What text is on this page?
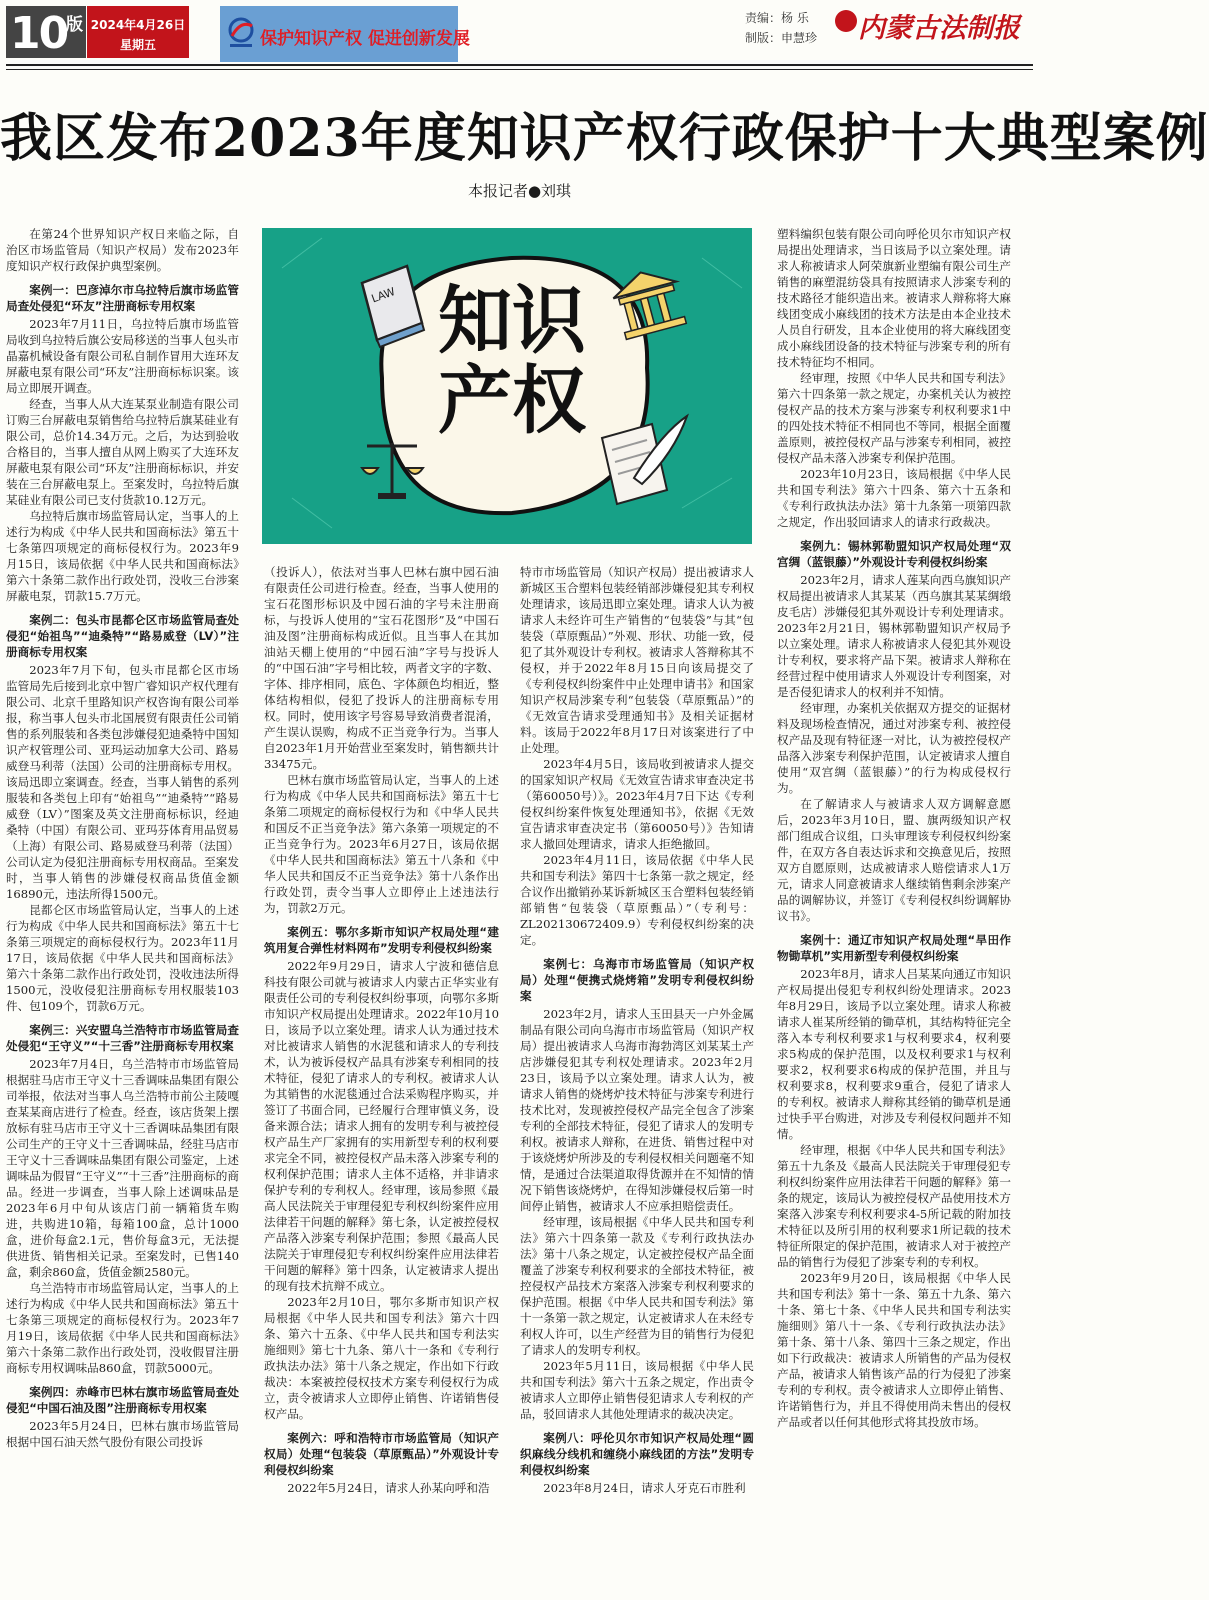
10
版 2024年4月26日
星期五	保护知识产权 促进创新发展
责编：杨 乐
制版：申慧珍 内蒙古法制报
我区发布2023年度知识产权行政保护十大典型案例
本报记者●刘琪
LAW 知识
产权

在第24个世界知识产权日来临之际，自治区市场监管局（知识产权局）发布2023年度知识产权行政保护典型案例。

案例一：巴彦淖尔市乌拉特后旗市场监管局查处侵犯“环友”注册商标专用权案

2023年7月11日，乌拉特后旗市场监管局收到乌拉特后旗公安局移送的当事人包头市晶嘉机械设备有限公司私自制作冒用大连环友屏蔽电泵有限公司“环友”注册商标标识案。该局立即展开调查。

经查，当事人从大连某泵业制造有限公司订购三台屏蔽电泵销售给乌拉特后旗某硅业有限公司，总价14.34万元。之后，为达到验收合格目的，当事人擅自从网上购买了大连环友屏蔽电泵有限公司“环友”注册商标标识，并安装在三台屏蔽电泵上。至案发时，乌拉特后旗某硅业有限公司已支付货款10.12万元。

乌拉特后旗市场监管局认定，当事人的上述行为构成《中华人民共和国商标法》第五十七条第四项规定的商标侵权行为。2023年9月15日，该局依据《中华人民共和国商标法》第六十条第二款作出行政处罚，没收三台涉案屏蔽电泵，罚款15.7万元。

案例二：包头市昆都仑区市场监管局查处侵犯“始祖鸟”“迪桑特”“路易威登（LV）”注册商标专用权案

2023年7月下旬，包头市昆都仑区市场监管局先后接到北京中智广睿知识产权代理有限公司、北京千里路知识产权咨询有限公司举报，称当事人包头市北国展贸有限责任公司销售的系列服装和各类包涉嫌侵犯迪桑特中国知识产权管理公司、亚玛运动加拿大公司、路易威登马利蒂（法国）公司的注册商标专用权。该局迅即立案调查。经查，当事人销售的系列服装和各类包上印有“始祖鸟”“迪桑特”“路易威登（LV）”图案及英文注册商标标识，经迪桑特（中国）有限公司、亚玛芬体育用品贸易（上海）有限公司、路易威登马利蒂（法国）公司认定为侵犯注册商标专用权商品。至案发时，当事人销售的涉嫌侵权商品货值金额16890元，违法所得1500元。

昆都仑区市场监管局认定，当事人的上述行为构成《中华人民共和国商标法》第五十七条第三项规定的商标侵权行为。2023年11月17日，该局依据《中华人民共和国商标法》第六十条第二款作出行政处罚，没收违法所得1500元，没收侵犯注册商标专用权服装103件、包109个，罚款6万元。

案例三：兴安盟乌兰浩特市市场监管局查处侵犯“王守义”“十三香”注册商标专用权案

2023年7月4日，乌兰浩特市市场监管局根据驻马店市王守义十三香调味品集团有限公司举报，依法对当事人乌兰浩特市前公主陵嘎查某某商店进行了检查。经查，该店货架上摆放标有驻马店市王守义十三香调味品集团有限公司生产的王守义十三香调味品，经驻马店市王守义十三香调味品集团有限公司鉴定，上述调味品为假冒“王守义”“十三香”注册商标的商品。经进一步调查，当事人除上述调味品是2023年6月中旬从该店门前一辆箱货车购进，共购进10箱，每箱100盒，总计1000盒，进价每盒2.1元，售价每盒3元，无法提供进货、销售相关记录。至案发时，已售140盒，剩余860盒，货值金额2580元。

乌兰浩特市市场监管局认定，当事人的上述行为构成《中华人民共和国商标法》第五十七条第三项规定的商标侵权行为。2023年7月19日，该局依据《中华人民共和国商标法》第六十条第二款作出行政处罚，没收假冒注册商标专用权调味品860盒，罚款5000元。

案例四：赤峰市巴林右旗市场监管局查处侵犯“中国石油及图”注册商标专用权案

2023年5月24日，巴林右旗市场监管局根据中国石油天然气股份有限公司投诉

（投诉人），依法对当事人巴林右旗中园石油有限责任公司进行检查。经查，当事人使用的宝石花图形标识及中园石油的字号未注册商标，与投诉人使用的“宝石花图形”及“中国石油及图”注册商标构成近似。且当事人在其加油站天棚上使用的“中园石油”字号与投诉人的“中国石油”字号相比较，两者文字的字数、字体、排序相同，底色、字体颜色均相近，整体结构相似，侵犯了投诉人的注册商标专用权。同时，使用该字号容易导致消费者混淆，产生误认误购，构成不正当竞争行为。当事人自2023年1月开始营业至案发时，销售额共计33475元。

巴林右旗市场监管局认定，当事人的上述行为构成《中华人民共和国商标法》第五十七条第二项规定的商标侵权行为和《中华人民共和国反不正当竞争法》第六条第一项规定的不正当竞争行为。2023年6月27日，该局依据《中华人民共和国商标法》第五十八条和《中华人民共和国反不正当竞争法》第十八条作出行政处罚，责令当事人立即停止上述违法行为，罚款2万元。

案例五：鄂尔多斯市知识产权局处理“建筑用复合弹性材料网布”发明专利侵权纠纷案

2022年9月29日，请求人宁波和德信息科技有限公司就与被请求人内蒙古正华实业有限责任公司的专利侵权纠纷事项，向鄂尔多斯市知识产权局提出处理请求。2022年10月10日，该局予以立案处理。请求人认为通过技术对比被请求人销售的水泥毯和请求人的专利技术，认为被诉侵权产品具有涉案专利相同的技术特征，侵犯了请求人的专利权。被请求人认为其销售的水泥毯通过合法采购程序购买，并签订了书面合同，已经履行合理审慎义务，设备来源合法；请求人拥有的发明专利与被控侵权产品生产厂家拥有的实用新型专利的权利要求完全不同，被控侵权产品未落入涉案专利的权利保护范围；请求人主体不适格，并非请求保护专利的专利权人。经审理，该局参照《最高人民法院关于审理侵犯专利权纠纷案件应用法律若干问题的解释》第七条，认定被控侵权产品落入涉案专利保护范围；参照《最高人民法院关于审理侵犯专利权纠纷案件应用法律若干问题的解释》第十四条，认定被请求人提出的现有技术抗辩不成立。

2023年2月10日，鄂尔多斯市知识产权局根据《中华人民共和国专利法》第六十四条、第六十五条、《中华人民共和国专利法实施细则》第七十九条、第八十一条和《专利行政执法办法》第十八条之规定，作出如下行政裁决：本案被控侵权技术方案专利侵权行为成立，责令被请求人立即停止销售、许诺销售侵权产品。

案例六：呼和浩特市市场监管局（知识产权局）处理“包装袋（草原甄品）”外观设计专利侵权纠纷案

2022年5月24日，请求人孙某向呼和浩

特市市场监管局（知识产权局）提出被请求人新城区玉合塑料包装经销部涉嫌侵犯其专利权处理请求，该局迅即立案处理。请求人认为被请求人未经许可生产销售的“包装袋”与其“包装袋（草原甄品）”外观、形状、功能一致，侵犯了其外观设计专利权。被请求人答辩称其不侵权，并于2022年8月15日向该局提交了《专利侵权纠纷案件中止处理申请书》和国家知识产权局涉案专利“包装袋（草原甄品）”的《无效宣告请求受理通知书》及相关证据材料。该局于2022年8月17日对该案进行了中止处理。

2023年4月5日，该局收到被请求人提交的国家知识产权局《无效宣告请求审查决定书（第60050号）》。2023年4月7日下达《专利侵权纠纷案件恢复处理通知书》，依据《无效宣告请求审查决定书（第60050号）》告知请求人撤回处理请求，请求人拒绝撤回。

2023年4月11日，该局依据《中华人民共和国专利法》第四十七条第一款之规定，经合议作出撤销孙某诉新城区玉合塑料包装经销部销售“包装袋（草原甄品）”（专利号：ZL202130672409.9）专利侵权纠纷案的决定。

案例七：乌海市市场监管局（知识产权局）处理“便携式烧烤箱”发明专利侵权纠纷案

2023年2月，请求人玉田县天一户外金属制品有限公司向乌海市市场监管局（知识产权局）提出被请求人乌海市海勃湾区刘某某土产店涉嫌侵犯其专利权处理请求。2023年2月23日，该局予以立案处理。请求人认为，被请求人销售的烧烤炉技术特征与涉案专利进行技术比对，发现被控侵权产品完全包含了涉案专利的全部技术特征，侵犯了请求人的发明专利权。被请求人辩称，在进货、销售过程中对于该烧烤炉所涉及的专利侵权相关问题毫不知情，是通过合法渠道取得货源并在不知情的情况下销售该烧烤炉，在得知涉嫌侵权后第一时间停止销售，被请求人不应承担赔偿责任。

经审理，该局根据《中华人民共和国专利法》第六十四条第一款及《专利行政执法办法》第十八条之规定，认定被控侵权产品全面覆盖了涉案专利权利要求的全部技术特征，被控侵权产品技术方案落入涉案专利权利要求的保护范围。根据《中华人民共和国专利法》第十一条第一款之规定，认定被请求人在未经专利权人许可，以生产经营为目的销售行为侵犯了请求人的发明专利权。

2023年5月11日，该局根据《中华人民共和国专利法》第六十五条之规定，作出责令被请求人立即停止销售侵犯请求人专利权的产品，驳回请求人其他处理请求的裁决决定。

案例八：呼伦贝尔市知识产权局处理“圆织麻线分线机和缠绕小麻线团的方法”发明专利侵权纠纷案

2023年8月24日，请求人牙克石市胜利

塑料编织包装有限公司向呼伦贝尔市知识产权局提出处理请求，当日该局予以立案处理。请求人称被请求人阿荣旗新业塑编有限公司生产销售的麻塑混纺袋具有按照请求人涉案专利的技术路径才能织造出来。被请求人辩称将大麻线团变成小麻线团的技术方法是由本企业技术人员自行研发，且本企业使用的将大麻线团变成小麻线团设备的技术特征与涉案专利的所有技术特征均不相同。

经审理，按照《中华人民共和国专利法》第六十四条第一款之规定，办案机关认为被控侵权产品的技术方案与涉案专利权利要求1中的四处技术特征不相同也不等同，根据全面覆盖原则，被控侵权产品与涉案专利相同，被控侵权产品未落入涉案专利保护范围。

2023年10月23日，该局根据《中华人民共和国专利法》第六十四条、第六十五条和《专利行政执法办法》第十九条第一项第四款之规定，作出驳回请求人的请求行政裁决。

案例九：锡林郭勒盟知识产权局处理“双宫绸（蓝银藤）”外观设计专利侵权纠纷案

2023年2月，请求人莲某向西乌旗知识产权局提出被请求人其某某（西乌旗其某某绸缎皮毛店）涉嫌侵犯其外观设计专利处理请求。2023年2月21日，锡林郭勒盟知识产权局予以立案处理。请求人称被请求人侵犯其外观设计专利权，要求将产品下架。被请求人辩称在经营过程中使用请求人外观设计专利图案，对是否侵犯请求人的权利并不知情。

经审理，办案机关依据双方提交的证据材料及现场检查情况，通过对涉案专利、被控侵权产品及现有特征逐一对比，认为被控侵权产品落入涉案专利保护范围，认定被请求人擅自使用“双宫绸（蓝银藤）”的行为构成侵权行为。

在了解请求人与被请求人双方调解意愿后，2023年3月10日，盟、旗两级知识产权部门组成合议组，口头审理该专利侵权纠纷案件，在双方各自表达诉求和交换意见后，按照双方自愿原则，达成被请求人赔偿请求人1万元，请求人同意被请求人继续销售剩余涉案产品的调解协议，并签订《专利侵权纠纷调解协议书》。

案例十：通辽市知识产权局处理“旱田作物锄草机”实用新型专利侵权纠纷案

2023年8月，请求人吕某某向通辽市知识产权局提出侵犯专利权纠纷处理请求。2023年8月29日，该局予以立案处理。请求人称被请求人崔某所经销的锄草机，其结构特征完全落入本专利权利要求1与权利要求4，权利要求5构成的保护范围，以及权利要求1与权利要求2，权利要求6构成的保护范围，并且与权利要求8，权利要求9重合，侵犯了请求人的专利权。被请求人辩称其经销的锄草机是通过快手平台购进，对涉及专利侵权问题并不知情。

经审理，根据《中华人民共和国专利法》第五十九条及《最高人民法院关于审理侵犯专利权纠纷案件应用法律若干问题的解释》第一条的规定，该局认为被控侵权产品使用技术方案落入涉案专利权利要求4-5所记载的附加技术特征以及所引用的权利要求1所记载的技术特征所限定的保护范围，被请求人对于被控产品的销售行为侵犯了涉案专利的专利权。

2023年9月20日，该局根据《中华人民共和国专利法》第十一条、第五十九条、第六十条、第七十条、《中华人民共和国专利法实施细则》第八十一条、《专利行政执法办法》第十条、第十八条、第四十三条之规定，作出如下行政裁决：被请求人所销售的产品为侵权产品，被请求人销售该产品的行为侵犯了涉案专利的专利权。责令被请求人立即停止销售、许诺销售行为，并且不得使用尚未售出的侵权产品或者以任何其他形式将其投放市场。
